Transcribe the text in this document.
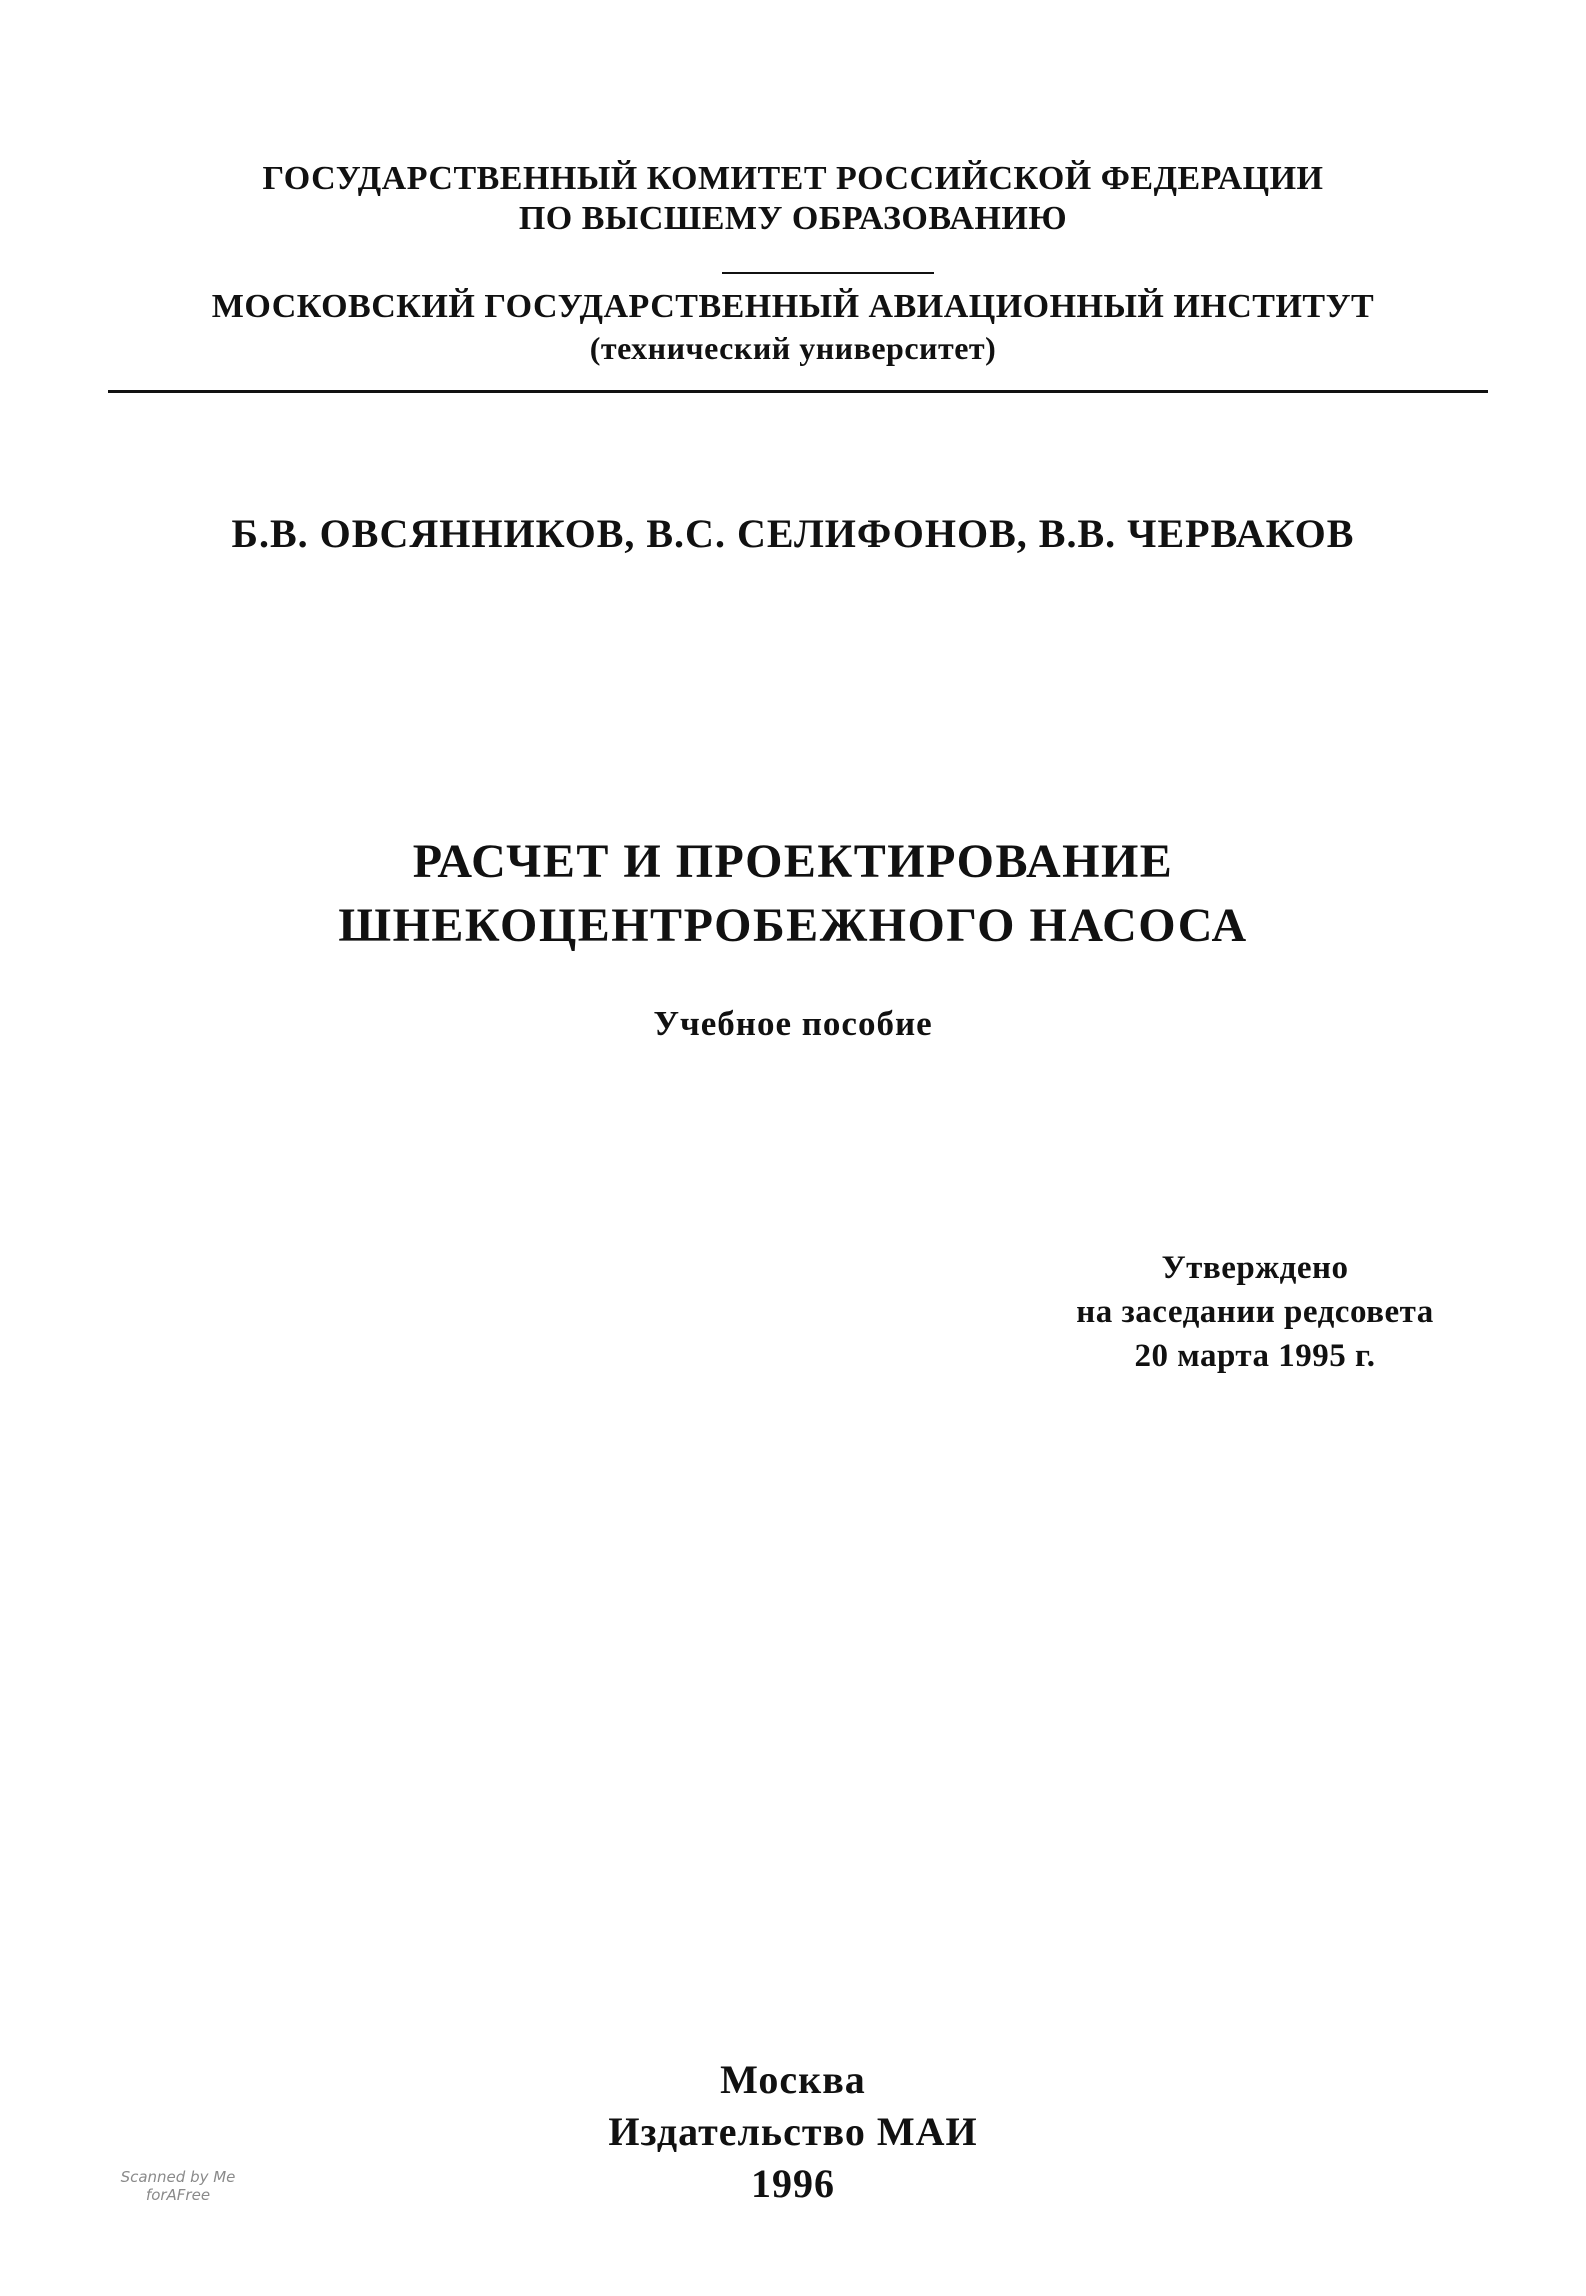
ГОСУДАРСТВЕННЫЙ КОМИТЕТ РОССИЙСКОЙ ФЕДЕРАЦИИ
ПО ВЫСШЕМУ ОБРАЗОВАНИЮ
МОСКОВСКИЙ ГОСУДАРСТВЕННЫЙ АВИАЦИОННЫЙ ИНСТИТУТ
(технический университет)
Б.В. ОВСЯННИКОВ, В.С. СЕЛИФОНОВ, В.В. ЧЕРВАКОВ
РАСЧЕТ И ПРОЕКТИРОВАНИЕ
ШНЕКОЦЕНТРОБЕЖНОГО НАСОСА
Учебное пособие
Утверждено
на заседании редсовета
20 марта 1995 г.
Москва
Издательство МАИ
1996
Scanned by Me
forAFree
